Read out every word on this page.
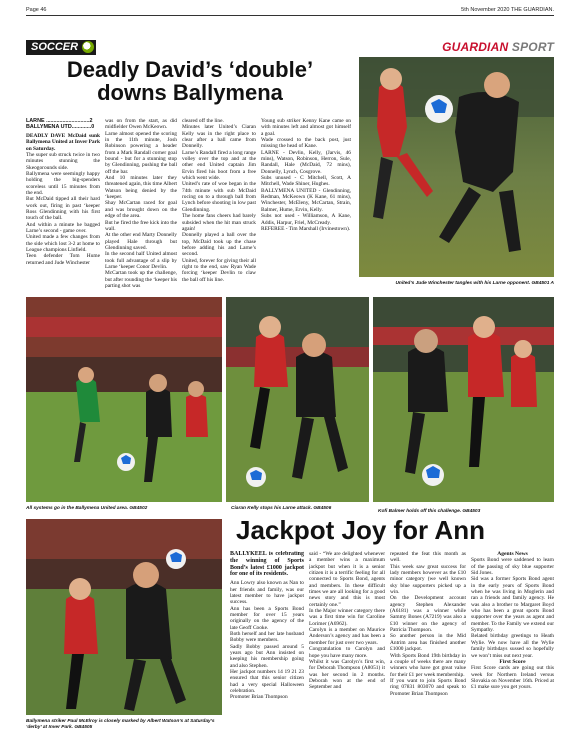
Page 46	5th November 2020 THE GUARDIAN.
SOCCER	GUARDIAN SPORT
Deadly David’s ‘double’
downs Ballymena
LARNE .............................2
BALLYMENA UTD.............0

DEADLY DAVE McDaid sunk Ballymena United at Inver Park on Saturday.

The super sub struck twice in two minutes stunning the Skeogorounds side.

Ballymena were seemingly happy holding the big-spenders scoreless until 15 minutes from the end.

But McDaid tipped all their hard work out, firing in past ‘keeper Ross Glendinning with his first touch of the ball.

And within a minute he bagged Larne’s second - game over.

United made a few changes from the side which lost 3-2 at home to League champions Linfield.

Teen defender Tom Hume returned and Jude Winchester

was on from the start, as did midfielder Owen McKeown.

Larne almost opened the scoring in the 11th minute, Josh Robinson powering a header from a Mark Randall corner goal bound - but for a stunning stop by Glendinning, pushing the ball off the bar.

And 10 minutes later they threatened again, this time Albert Watson being denied by the ‘keeper.

Shay McCartan raced for goal and was brought down on the edge of the area.

But he fired the free kick into the wall.

At the other end Marty Donnelly played Hale through but Glendinning saved.

In the second half United almost took full advantage of a slip by Larne ‘keeper Conor Devlin.

McCartan took up the challenge, but after rounding the ‘keeper his parting shot was

cleared off the line.

Minutes later United’s Ciaran Kelly was in the right place to clear after a ball came from Donnelly.

Larne’s Randall fired a long range volley over the top and at the other end United captain Jim Ervin fired his boot from a free which went wide.

United’s rate of woe began in the 74th minute with sub McDaid rocing on to a through ball from Lynch before shooting in low past Glendinning.

The home fans cheers had barely subsided when the hit man struck again!

Donnelly played a ball over the top, McDaid took up the chase before adding his and Larne’s second.

United, forever for giving their all right to the end, saw Ryan Wade forcing ‘keeper Devlin to claw the ball off his line.

Young sub striker Kenny Kane came on with minutes left and almost got himself a goal.

Wade crossed to the back post, just missing the head of Kane.

LARNE - Devlin, Kelly, (Jarvis, 46 mins), Watson, Robinson, Herron, Sule, Randall, Hale (McDaid, 72 mins), Donnelly, Lynch, Cosgrove.

Subs unused - C Mitchell, Scott, A Mitchell, Wade Shiner, Hughes.

BALLYMENA UNITED - Glendinning, Redman, McKeown (K Kane, 61 mins), Winchester, McEleny, McCartan, Strain, Balmer, Hume, Ervin, Kelly.

Subs not used - Williamson, A Kane, Addis, Harpur, Friel, McCready.

REFEREE - Tim Marshall (Irvinestown).

United’s Jude Winchester tangles with his Larne opponent. GB4501 A
All systems go in the Ballymena United area. GB4502	Ciaran Kelly stops his Larne attack. GB4506
Kofi Balmer holds off this challenge. GB4503
Ballymena striker Paul McElroy is closely marked by Albert Watson’s at Saturday’s ‘derby’ at Inver Park. GB4505
Jackpot Joy for Ann

BALLYKEEL is celebrating the winning of Sports Bond’s latest £1000 jackpot for one of its residents.

Ann Lowry also known as Nan to her friends and family, was our latest member to have jackpot success.

Ann has been a Sports Bond member for over 15 years originally on the agency of the late Geoff Cooke.

Both herself and her late husband Bobby were members.

Sadly Bobby passed around 5 years ago but Ann insisted on keeping his membership going and also Stephen.

Her jackpot numbers 14 19 21 23 ensured that this senior citizen had a very special Halloween celebration.

Promoter Brian Thompson

said - “We are delighted whenever a member wins a maximum jackpot but when it is a senior citizen it is a terrific feeling for all connected to Sports Bond, agents and members. In these difficult times we are all looking for a good news story and this is most certainly one.”

In the Major winner category there was a first time win for Caroline Lorimer (A6962).

Carolyn is a member on Maurice Anderson’s agency and has been a member for just over two years.

Congratulation to Carolyn and hope you have many more.

Whilst it was Carolyn’s first win, for Deborah Thompson (A8051) it was her second in 2 months. Deborah won at the end of September and

repeated the feat this month as well.

This week saw great success for lady members however as the £10 minor category (we well known sky blue supporters picked up a win.

On the Development account agency Stephen Alexander (A6181) was a winner while Sammy Bones (A7219) was also a £10 winner on the agency of Patricia Thompson.

So another person in the Mid Antrim area has finished another £1000 jackpot.

With Sports Bond 19th birthday in a couple of weeks there are many winners who have got great value for their £1 per week membership.

If you want to join Sports Bond ring 07831 803070 and speak to Promoter Brian Thompson

Agents News

Sports Bond were saddened to learn of the passing of sky blue supporter Sid Jones.

Sid was a former Sports Bond agent in the early years of Sports Bond when he was living in Moglerin and ran a friends and family agency. He was also a brother to Margaret Boyd who has been a great sports Bond supporter over the years as agent and member. To the Family we extend our Sympathy.

Belated birthday greetings to Heath Wylie. We now have all the Wylie family birthdays sussed so hopefully we won’t miss out next year.

First Score

First Score cards are going out this week for Northern Ireland versus Slovakia on November 16th. Priced at £1 make sure you get yours.
